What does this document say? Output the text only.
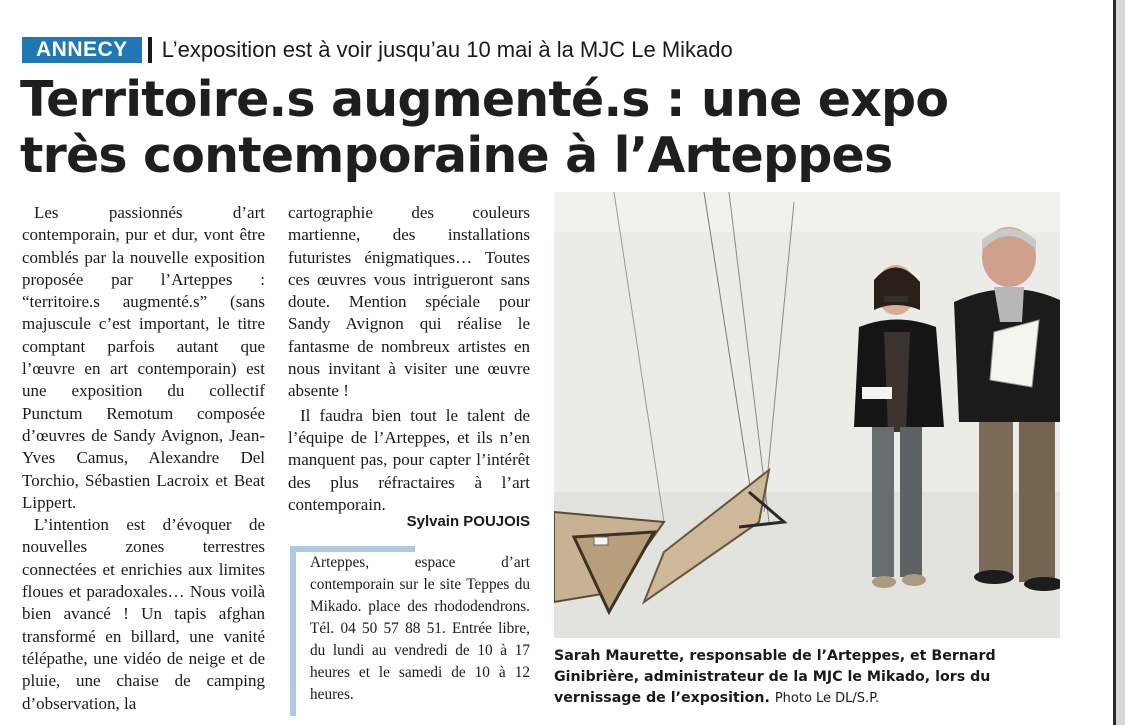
ANNECY	L’exposition est à voir jusqu’au 10 mai à la MJC Le Mikado
Territoire.s augmenté.s : une expo
très contemporaine à l’Arteppes

Les passionnés d’art contemporain, pur et dur, vont être comblés par la nouvelle exposition proposée par l’Arteppes : “territoire.s augmenté.s” (sans majuscule c’est important, le titre comptant parfois autant que l’œuvre en art contemporain) est une exposition du collectif Punctum Remotum composée d’œuvres de Sandy Avignon, Jean-Yves Camus, Alexandre Del Torchio, Sébastien Lacroix et Beat Lippert.

L’intention est d’évoquer de nouvelles zones terrestres connectées et enrichies aux limites floues et paradoxales… Nous voilà bien avancé ! Un tapis afghan transformé en billard, une vanité télépathe, une vidéo de neige et de pluie, une chaise de camping d’observation, la

cartographie des couleurs martienne, des installations futuristes énigmatiques… Toutes ces œuvres vous intrigueront sans doute. Mention spéciale pour Sandy Avignon qui réalise le fantasme de nombreux artistes en nous invitant à visiter une œuvre absente !

Il faudra bien tout le talent de l’équipe de l’Arteppes, et ils n’en manquent pas, pour capter l’intérêt des plus réfractaires à l’art contemporain.

Sylvain POUJOIS
Arteppes, espace d’art contemporain sur le site Teppes du Mikado. place des rhododendrons. Tél. 04 50 57 88 51. Entrée libre, du lundi au vendredi de 10 à 17 heures et le samedi de 10 à 12 heures.

Sarah Maurette, responsable de l’Arteppes, et Bernard Ginibrière, administrateur de la MJC le Mikado, lors du vernissage de l’exposition. Photo Le DL/S.P.
